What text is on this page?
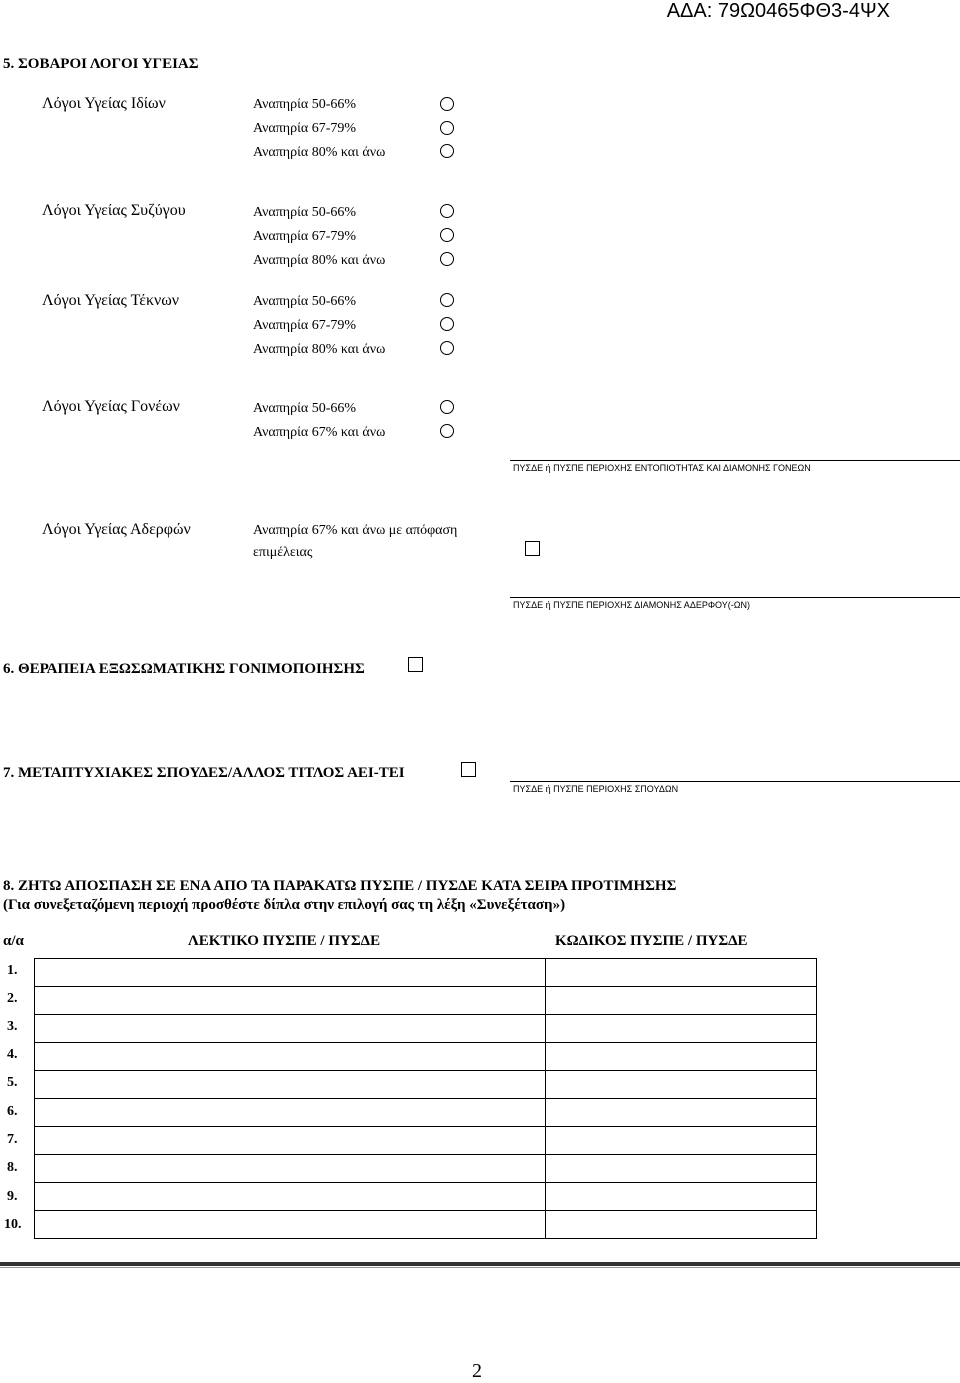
ΑΔΑ: 79Ω0465ΦΘ3-4ΨΧ
5. ΣΟΒΑΡΟΙ ΛΟΓΟΙ ΥΓΕΙΑΣ
Λόγοι Υγείας Ιδίων	Αναπηρία 50-66%
Αναπηρία 67-79%
Αναπηρία 80% και άνω
Λόγοι Υγείας Συζύγου	Αναπηρία 50-66%
Αναπηρία 67-79%
Αναπηρία 80% και άνω
Λόγοι Υγείας Τέκνων	Αναπηρία 50-66%
Αναπηρία 67-79%
Αναπηρία 80% και άνω
Λόγοι Υγείας Γονέων	Αναπηρία 50-66%
Αναπηρία 67% και άνω
ΠΥΣΔΕ ή ΠΥΣΠΕ ΠΕΡΙΟΧΗΣ ΕΝΤΟΠΙΟΤΗΤΑΣ ΚΑΙ ΔΙΑΜΟΝΗΣ ΓΟΝΕΩΝ
Λόγοι Υγείας Αδερφών	Αναπηρία 67% και άνω με απόφαση
επιμέλειας
ΠΥΣΔΕ ή ΠΥΣΠΕ ΠΕΡΙΟΧΗΣ ΔΙΑΜΟΝΗΣ ΑΔΕΡΦΟΥ(-ΩΝ)
6. ΘΕΡΑΠΕΙΑ ΕΞΩΣΩΜΑΤΙΚΗΣ ΓΟΝΙΜΟΠΟΙΗΣΗΣ
7. ΜΕΤΑΠΤΥΧΙΑΚΕΣ ΣΠΟΥΔΕΣ/ΑΛΛΟΣ ΤΙΤΛΟΣ ΑΕΙ-ΤΕΙ
ΠΥΣΔΕ ή ΠΥΣΠΕ ΠΕΡΙΟΧΗΣ ΣΠΟΥΔΩΝ
8. ΖΗΤΩ ΑΠΟΣΠΑΣΗ ΣΕ ΕΝΑ ΑΠΟ ΤΑ ΠΑΡΑΚΑΤΩ ΠΥΣΠΕ / ΠΥΣΔΕ ΚΑΤΑ ΣΕΙΡΑ ΠΡΟΤΙΜΗΣΗΣ
(Για συνεξεταζόμενη περιοχή προσθέστε δίπλα στην επιλογή σας τη λέξη «Συνεξέταση»)
α/α	ΛΕΚΤΙΚΟ ΠΥΣΠΕ / ΠΥΣΔΕ	ΚΩΔΙΚΟΣ ΠΥΣΠΕ / ΠΥΣΔΕ
1.
2.
3.
4.
5.
6.
7.
8.
9.
10.

2
